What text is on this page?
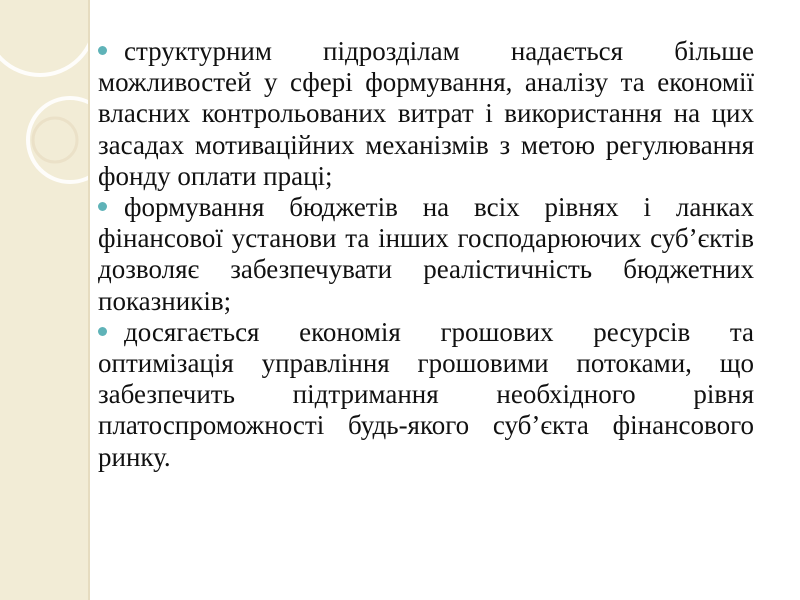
структурним підрозділам надається більше можливостей у сфері формування, аналізу та економії власних контрольованих витрат і використання на цих засадах мотиваційних механізмів з метою регулювання фонду оплати праці;

формування бюджетів на всіх рівнях і ланках фінансової установи та інших господарюючих суб’єктів дозволяє забезпечувати реалістичність бюджетних показників;

досягається економія грошових ресурсів та оптимізація управління грошовими потоками, що забезпечить підтримання необхідного рівня платоспроможності будь-якого суб’єкта фінансового ринку.
